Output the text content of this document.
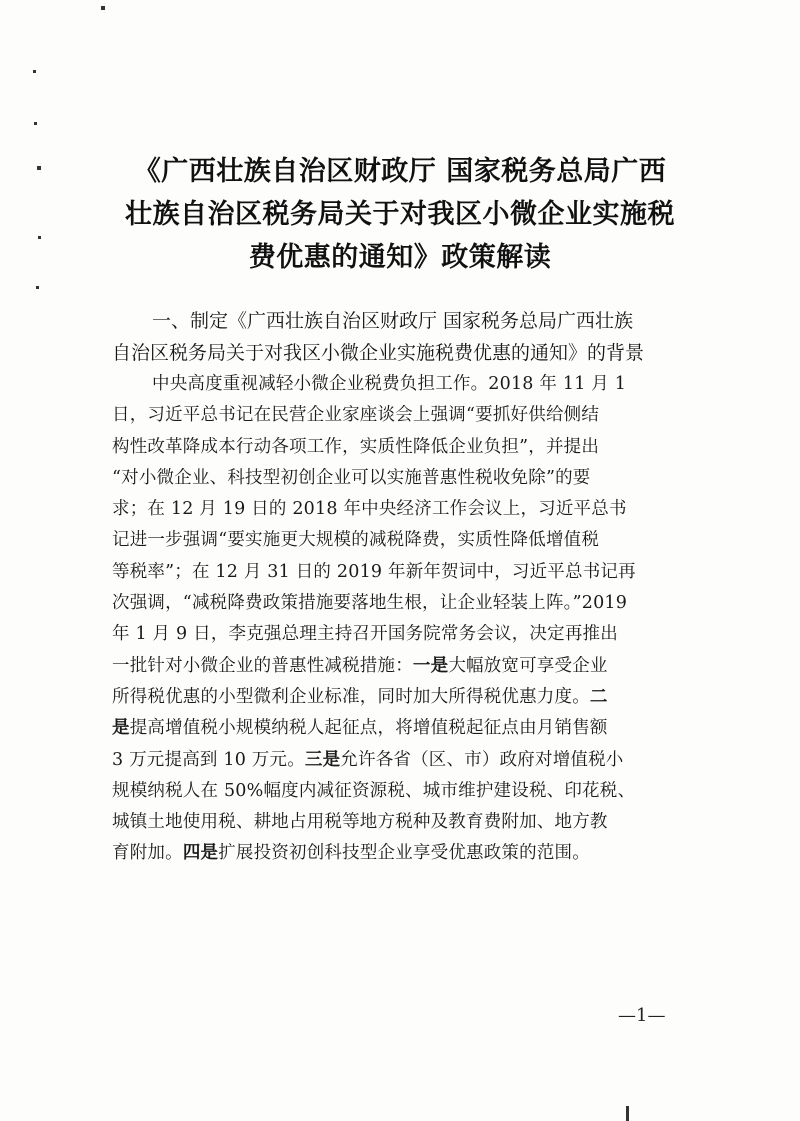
《广西壮族自治区财政厅 国家税务总局广西
壮族自治区税务局关于对我区小微企业实施税
费优惠的通知》政策解读
一、制定《广西壮族自治区财政厅 国家税务总局广西壮族
自治区税务局关于对我区小微企业实施税费优惠的通知》的背景
中央高度重视减轻小微企业税费负担工作。2018 年 11 月 1
日，习近平总书记在民营企业家座谈会上强调“要抓好供给侧结
构性改革降成本行动各项工作，实质性降低企业负担”，并提出
“对小微企业、科技型初创企业可以实施普惠性税收免除”的要
求；在 12 月 19 日的 2018 年中央经济工作会议上，习近平总书
记进一步强调“要实施更大规模的减税降费，实质性降低增值税
等税率”；在 12 月 31 日的 2019 年新年贺词中，习近平总书记再
次强调，“减税降费政策措施要落地生根，让企业轻装上阵。”2019
年 1 月 9 日，李克强总理主持召开国务院常务会议，决定再推出
一批针对小微企业的普惠性减税措施：一是大幅放宽可享受企业
所得税优惠的小型微利企业标准，同时加大所得税优惠力度。二
是提高增值税小规模纳税人起征点，将增值税起征点由月销售额
3 万元提高到 10 万元。三是允许各省（区、市）政府对增值税小
规模纳税人在 50%幅度内减征资源税、城市维护建设税、印花税、
城镇土地使用税、耕地占用税等地方税种及教育费附加、地方教
育附加。四是扩展投资初创科技型企业享受优惠政策的范围。
—1—
